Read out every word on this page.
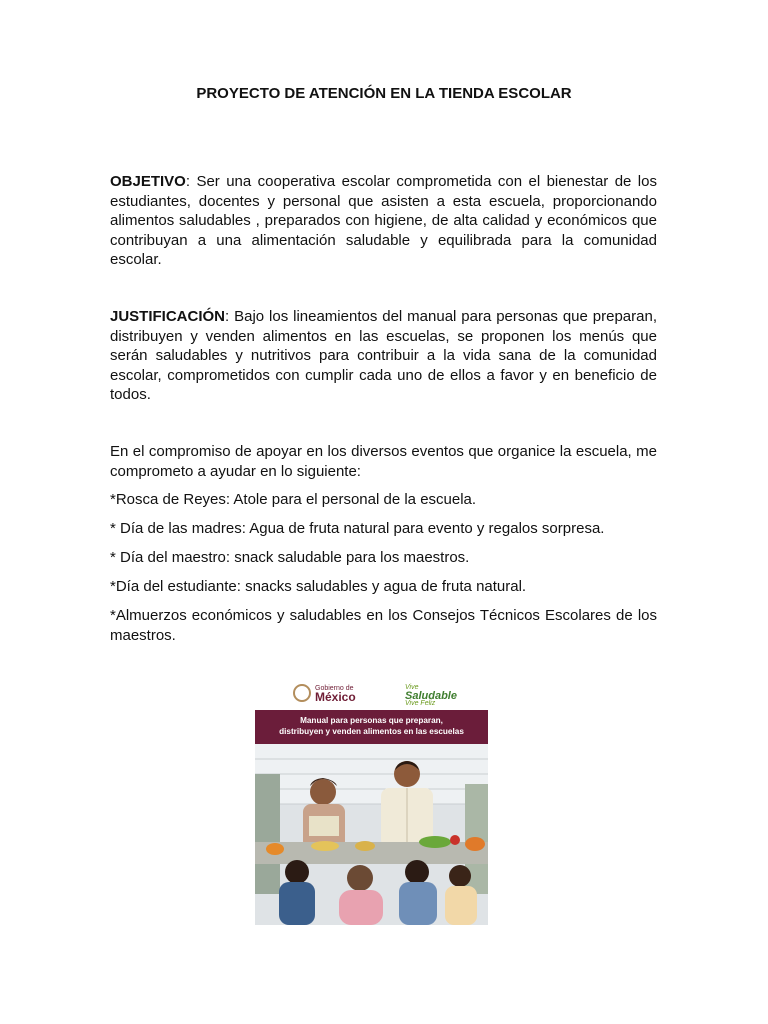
PROYECTO DE ATENCIÓN EN LA TIENDA ESCOLAR
OBJETIVO: Ser una cooperativa escolar comprometida con el bienestar de los estudiantes, docentes y personal que asisten a esta escuela, proporcionando alimentos saludables , preparados con higiene, de alta calidad y económicos que contribuyan a una alimentación saludable y equilibrada para la comunidad escolar.
JUSTIFICACIÓN: Bajo los lineamientos del manual para personas que preparan, distribuyen y venden alimentos en las escuelas, se proponen los menús que serán saludables y nutritivos para contribuir a la vida sana de la comunidad escolar, comprometidos con cumplir cada uno de ellos a favor y en beneficio de todos.
En el compromiso de apoyar en los diversos eventos que organice la escuela, me comprometo a ayudar en lo siguiente:
*Rosca de Reyes: Atole para el personal de la escuela.
* Día de las madres: Agua de fruta natural para evento y regalos sorpresa.
* Día del maestro: snack saludable para los maestros.
*Día del estudiante: snacks saludables y agua de fruta natural.
*Almuerzos económicos y saludables en los Consejos Técnicos Escolares de los maestros.
Gobierno de
México
Vive
Saludable
Vive Feliz
Manual para personas que preparan,
distribuyen y venden alimentos en las escuelas
